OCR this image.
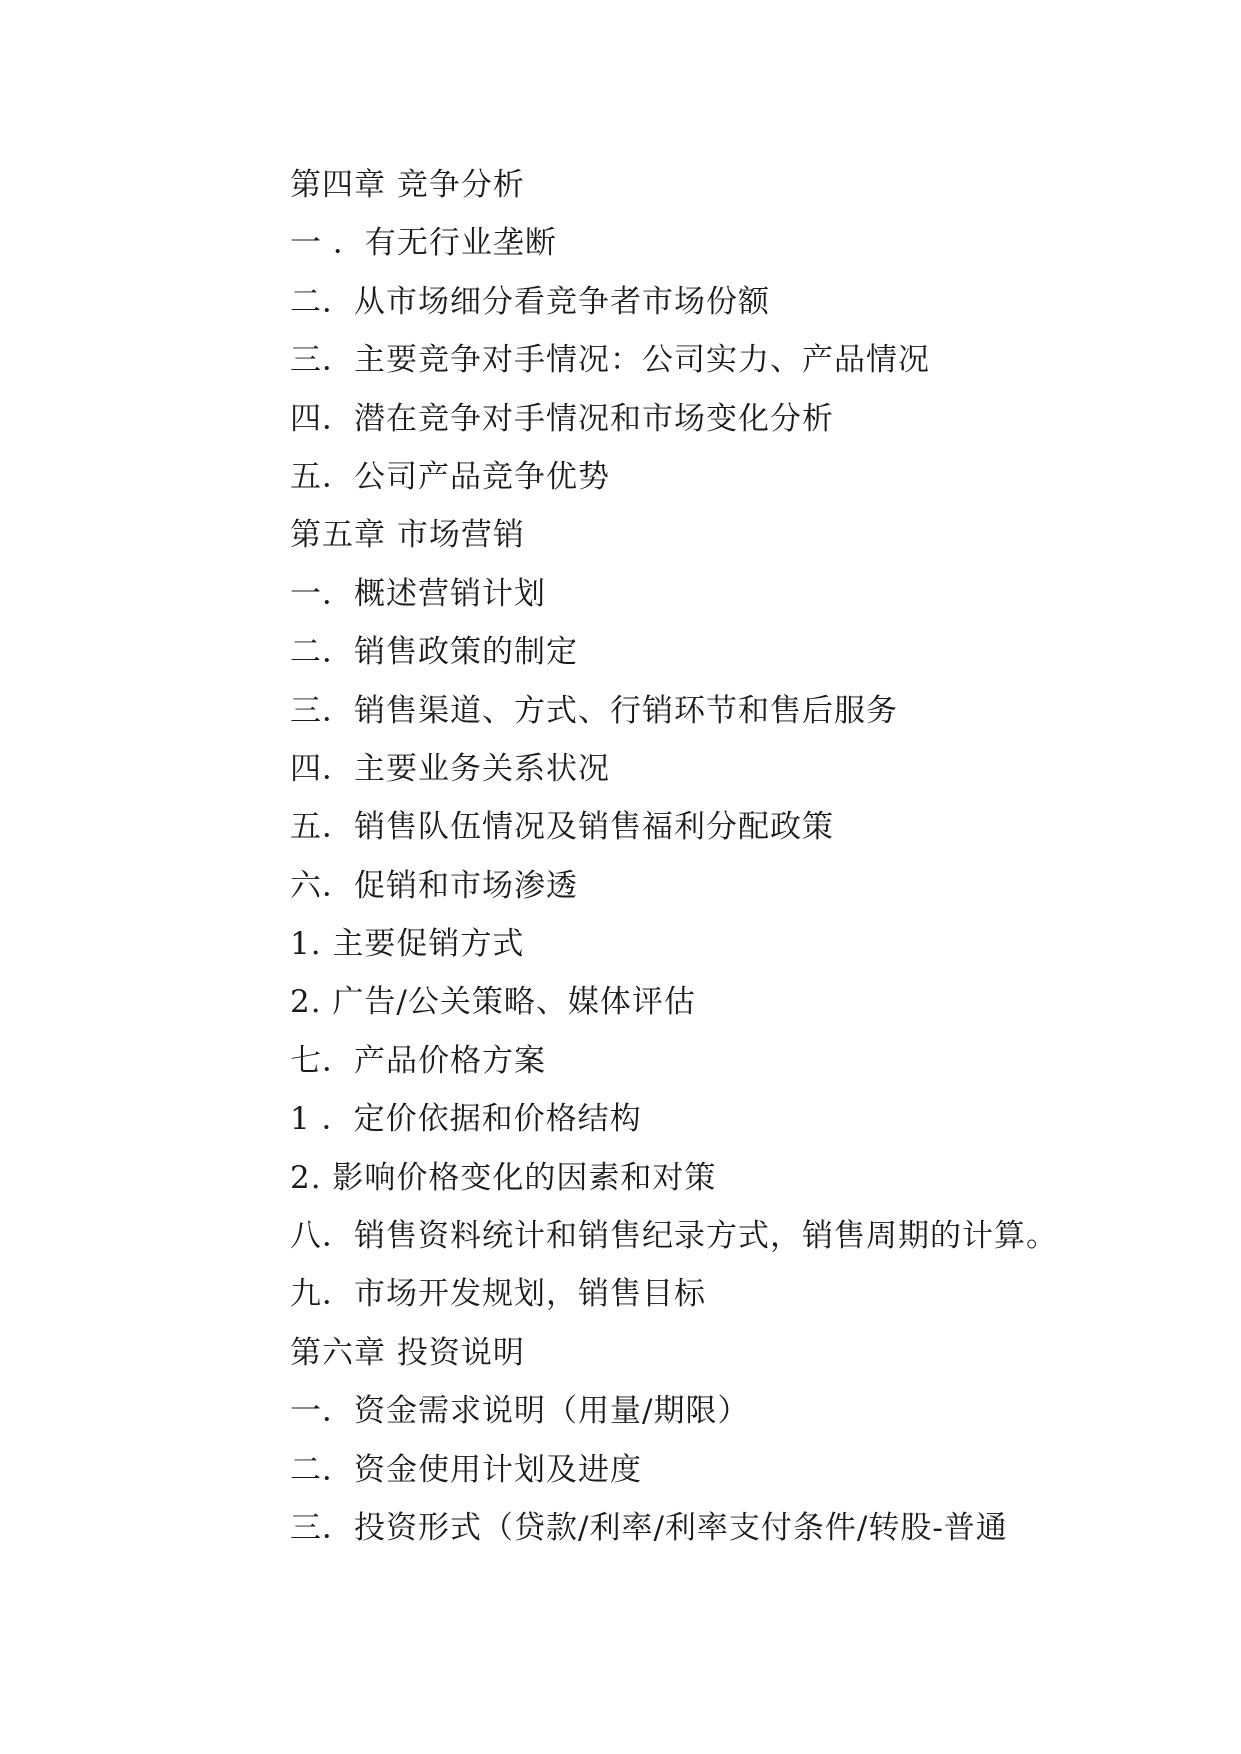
第四章 竞争分析
一 ．有无行业垄断
二．从市场细分看竞争者市场份额
三．主要竞争对手情况：公司实力、产品情况
四．潜在竞争对手情况和市场变化分析
五．公司产品竞争优势
第五章 市场营销
一．概述营销计划
二．销售政策的制定
三．销售渠道、方式、行销环节和售后服务
四．主要业务关系状况
五．销售队伍情况及销售福利分配政策
六．促销和市场渗透
1. 主要促销方式
2. 广告/公关策略、媒体评估
七．产品价格方案
1 ．定价依据和价格结构
2. 影响价格变化的因素和对策
八．销售资料统计和销售纪录方式，销售周期的计算。
九．市场开发规划，销售目标
第六章 投资说明
一．资金需求说明（用量/期限）
二．资金使用计划及进度
三．投资形式（贷款/利率/利率支付条件/转股-普通
